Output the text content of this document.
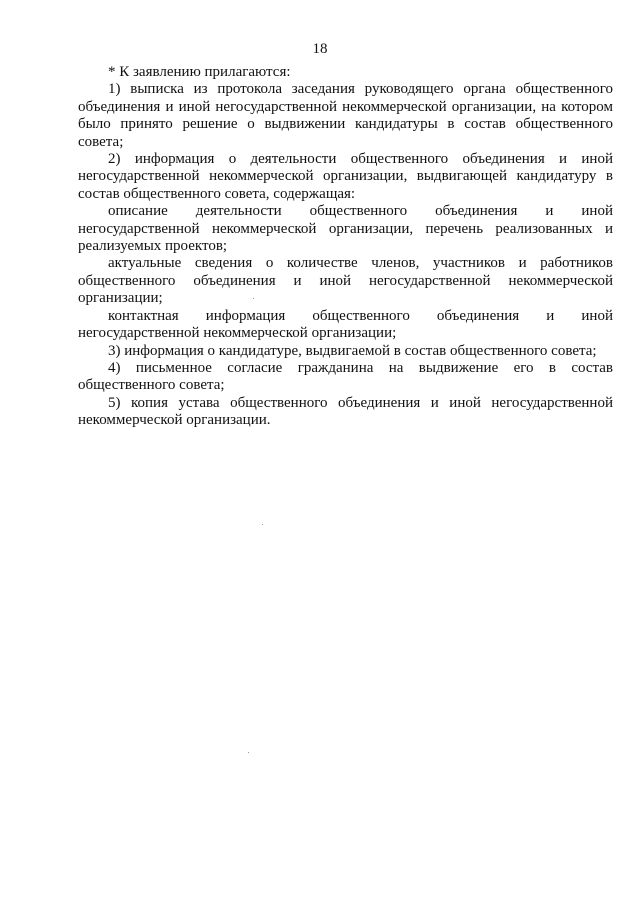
18

* К заявлению прилагаются:

1) выписка из протокола заседания руководящего органа общественного объединения и иной негосударственной некоммерческой организации, на котором было принято решение о выдвижении кандидатуры в состав общественного совета;

2) информация о деятельности общественного объединения и иной негосударственной некоммерческой организации, выдвигающей кандидатуру в состав общественного совета, содержащая:

описание деятельности общественного объединения и иной негосударственной некоммерческой организации, перечень реализованных и реализуемых проектов;

актуальные сведения о количестве членов, участников и работников общественного объединения и иной негосударственной некоммерческой организации;

контактная информация общественного объединения и иной негосударственной некоммерческой организации;

3) информация о кандидатуре, выдвигаемой в состав общественного совета;

4) письменное согласие гражданина на выдвижение его в состав общественного совета;

5) копия устава общественного объединения и иной негосударственной некоммерческой организации.
